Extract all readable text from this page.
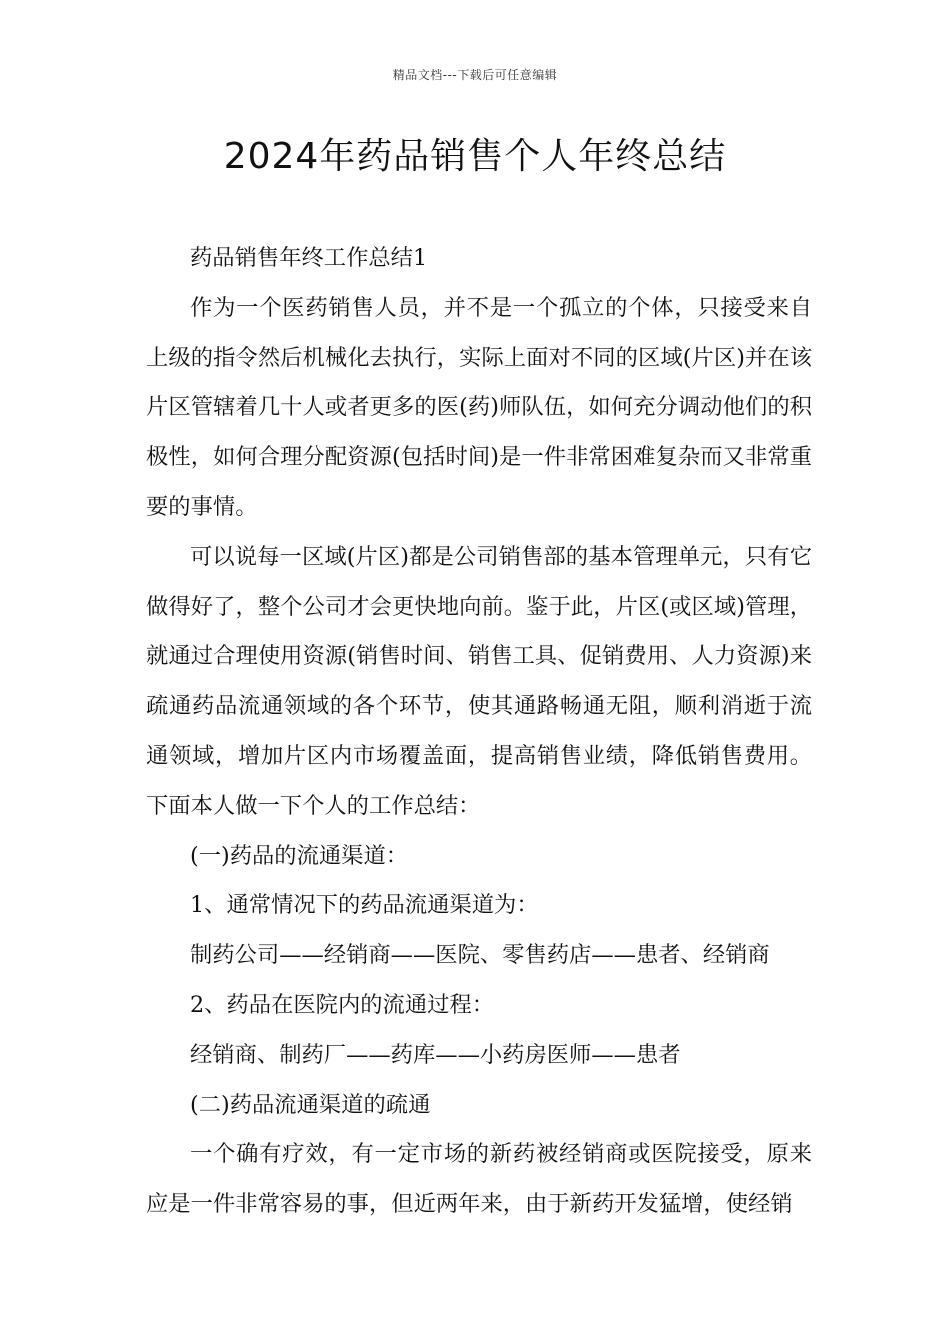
精品文档---下载后可任意编辑
2024年药品销售个人年终总结

药品销售年终工作总结1

作为一个医药销售人员，并不是一个孤立的个体，只接受来自上级的指令然后机械化去执行，实际上面对不同的区域(片区)并在该片区管辖着几十人或者更多的医(药)师队伍，如何充分调动他们的积极性，如何合理分配资源(包括时间)是一件非常困难复杂而又非常重要的事情。

可以说每一区域(片区)都是公司销售部的基本管理单元，只有它做得好了，整个公司才会更快地向前。鉴于此，片区(或区域)管理，就通过合理使用资源(销售时间、销售工具、促销费用、人力资源)来疏通药品流通领域的各个环节，使其通路畅通无阻，顺利消逝于流通领域，增加片区内市场覆盖面，提高销售业绩，降低销售费用。下面本人做一下个人的工作总结：

(一)药品的流通渠道：

1、通常情况下的药品流通渠道为：

制药公司——经销商——医院、零售药店——患者、经销商

2、药品在医院内的流通过程：

经销商、制药厂——药库——小药房医师——患者

(二)药品流通渠道的疏通

一个确有疗效，有一定市场的新药被经销商或医院接受，原来应是一件非常容易的事，但近两年来，由于新药开发猛增，使经销
